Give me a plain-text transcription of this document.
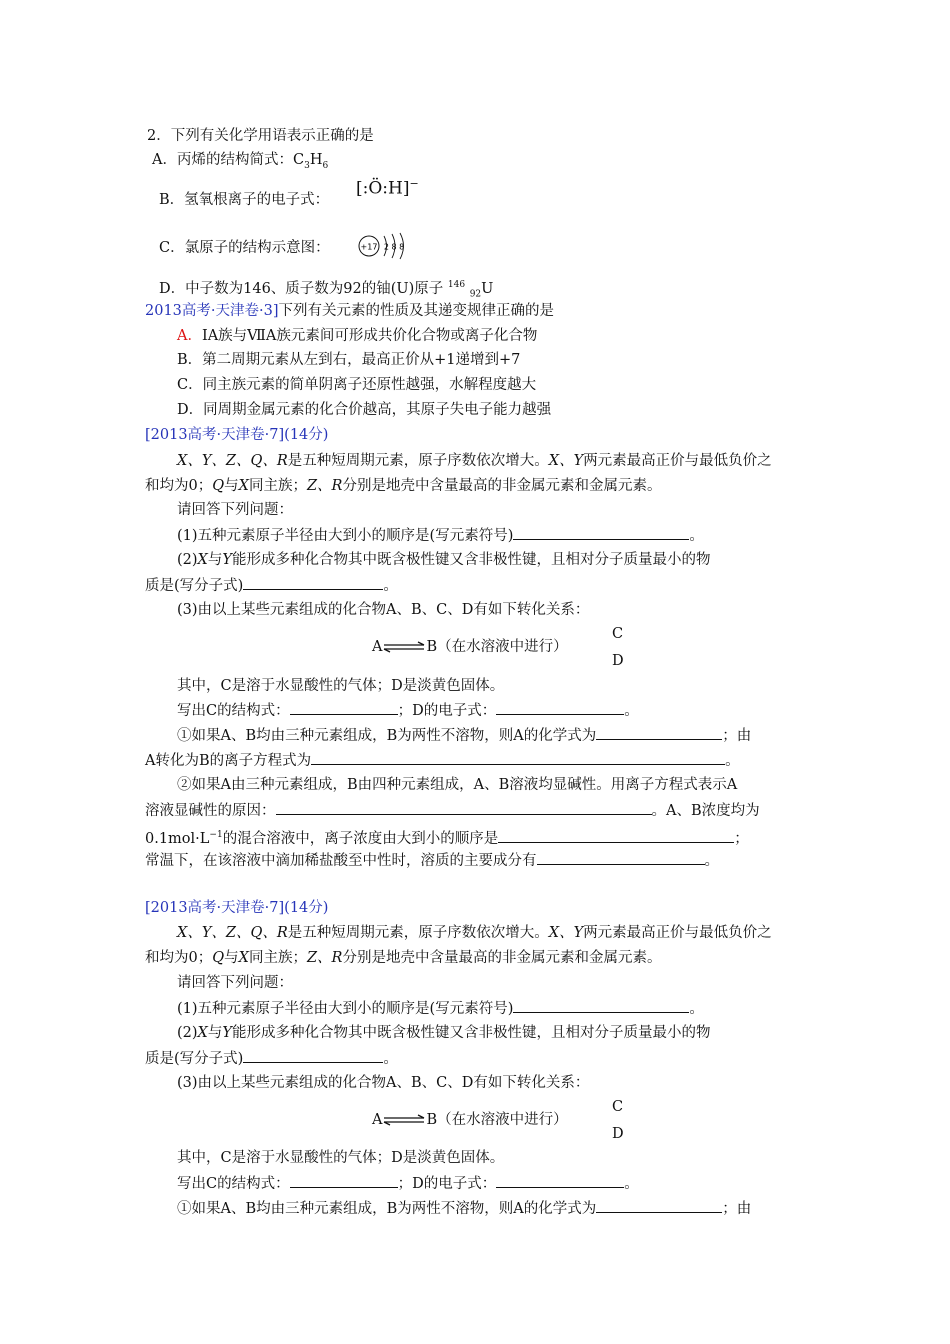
2．下列有关化学用语表示正确的是
A．丙烯的结构简式：$C_3H_6$
[:Ö:H]−
B．氢氧根离子的电子式：
C．氯原子的结构示意图：	+17 2 8 8
D．中子数为146、质子数为92的铀(U)原子 $^{146}$ $_{92}$U
2013高考·天津卷·3]下列有关元素的性质及其递变规律正确的是
A．ⅠA族与ⅦA族元素间可形成共价化合物或离子化合物
B．第二周期元素从左到右，最高正价从+1递增到+7
C．同主族元素的简单阴离子还原性越强，水解程度越大
D．同周期金属元素的化合价越高，其原子失电子能力越强
[2013高考·天津卷·7](14分)
X、Y、Z、Q、R是五种短周期元素，原子序数依次增大。X、Y两元素最高正价与最低负价之
和均为0；Q与X同主族；Z、R分别是地壳中含量最高的非金属元素和金属元素。
请回答下列问题：
(1)五种元素原子半径由大到小的顺序是(写元素符号)	。
(2)X与Y能形成多种化合物其中既含极性键又含非极性键，且相对分子质量最小的物
质是(写分子式)	。
(3)由以上某些元素组成的化合物A、B、C、D有如下转化关系：
C
A⇌B（在水溶液中进行）
D
其中，C是溶于水显酸性的气体；D是淡黄色固体。
写出C的结构式：	；D的电子式：	。
①如果A、B均由三种元素组成，B为两性不溶物，则A的化学式为	；由
A转化为B的离子方程式为	。
②如果A由三种元素组成，B由四种元素组成，A、B溶液均显碱性。用离子方程式表示A
溶液显碱性的原因：	。A、B浓度均为
$0.1mol\cdot L^{-1}$的混合溶液中，离子浓度由大到小的顺序是	；
常温下，在该溶液中滴加稀盐酸至中性时，溶质的主要成分有	。
[2013高考·天津卷·7](14分)
X、Y、Z、Q、R是五种短周期元素，原子序数依次增大。X、Y两元素最高正价与最低负价之
和均为0；Q与X同主族；Z、R分别是地壳中含量最高的非金属元素和金属元素。
请回答下列问题：
(1)五种元素原子半径由大到小的顺序是(写元素符号)	。
(2)X与Y能形成多种化合物其中既含极性键又含非极性键，且相对分子质量最小的物
质是(写分子式)	。
(3)由以上某些元素组成的化合物A、B、C、D有如下转化关系：
C
A⇌B（在水溶液中进行）
D
其中，C是溶于水显酸性的气体；D是淡黄色固体。
写出C的结构式：	；D的电子式：	。
①如果A、B均由三种元素组成，B为两性不溶物，则A的化学式为	；由
